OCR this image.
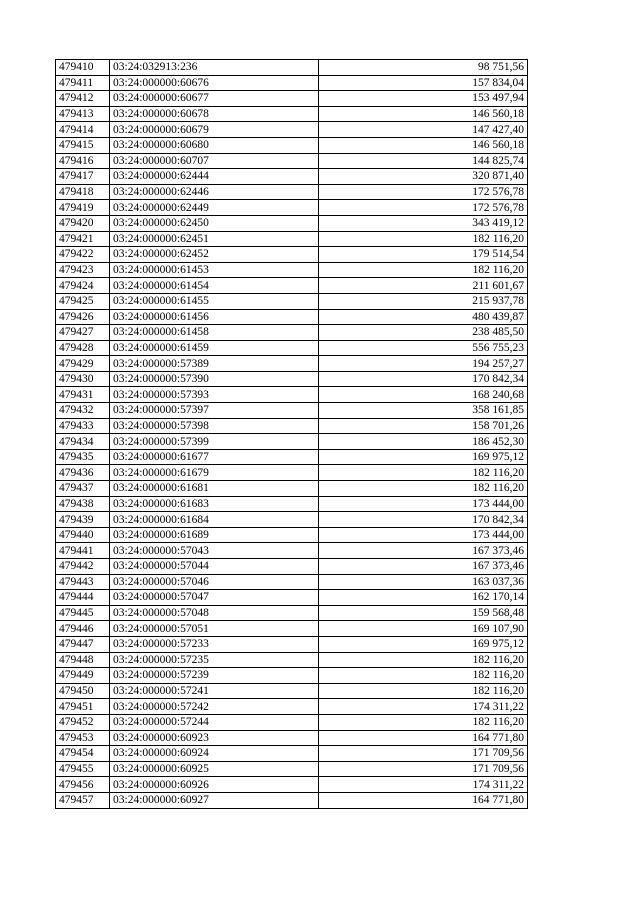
479410	03:24:032913:236	98 751,56
479411	03:24:000000:60676	157 834,04
479412	03:24:000000:60677	153 497,94
479413	03:24:000000:60678	146 560,18
479414	03:24:000000:60679	147 427,40
479415	03:24:000000:60680	146 560,18
479416	03:24:000000:60707	144 825,74
479417	03:24:000000:62444	320 871,40
479418	03:24:000000:62446	172 576,78
479419	03:24:000000:62449	172 576,78
479420	03:24:000000:62450	343 419,12
479421	03:24:000000:62451	182 116,20
479422	03:24:000000:62452	179 514,54
479423	03:24:000000:61453	182 116,20
479424	03:24:000000:61454	211 601,67
479425	03:24:000000:61455	215 937,78
479426	03:24:000000:61456	480 439,87
479427	03:24:000000:61458	238 485,50
479428	03:24:000000:61459	556 755,23
479429	03:24:000000:57389	194 257,27
479430	03:24:000000:57390	170 842,34
479431	03:24:000000:57393	168 240,68
479432	03:24:000000:57397	358 161,85
479433	03:24:000000:57398	158 701,26
479434	03:24:000000:57399	186 452,30
479435	03:24:000000:61677	169 975,12
479436	03:24:000000:61679	182 116,20
479437	03:24:000000:61681	182 116,20
479438	03:24:000000:61683	173 444,00
479439	03:24:000000:61684	170 842,34
479440	03:24:000000:61689	173 444,00
479441	03:24:000000:57043	167 373,46
479442	03:24:000000:57044	167 373,46
479443	03:24:000000:57046	163 037,36
479444	03:24:000000:57047	162 170,14
479445	03:24:000000:57048	159 568,48
479446	03:24:000000:57051	169 107,90
479447	03:24:000000:57233	169 975,12
479448	03:24:000000:57235	182 116,20
479449	03:24:000000:57239	182 116,20
479450	03:24:000000:57241	182 116,20
479451	03:24:000000:57242	174 311,22
479452	03:24:000000:57244	182 116,20
479453	03:24:000000:60923	164 771,80
479454	03:24:000000:60924	171 709,56
479455	03:24:000000:60925	171 709,56
479456	03:24:000000:60926	174 311,22
479457	03:24:000000:60927	164 771,80
